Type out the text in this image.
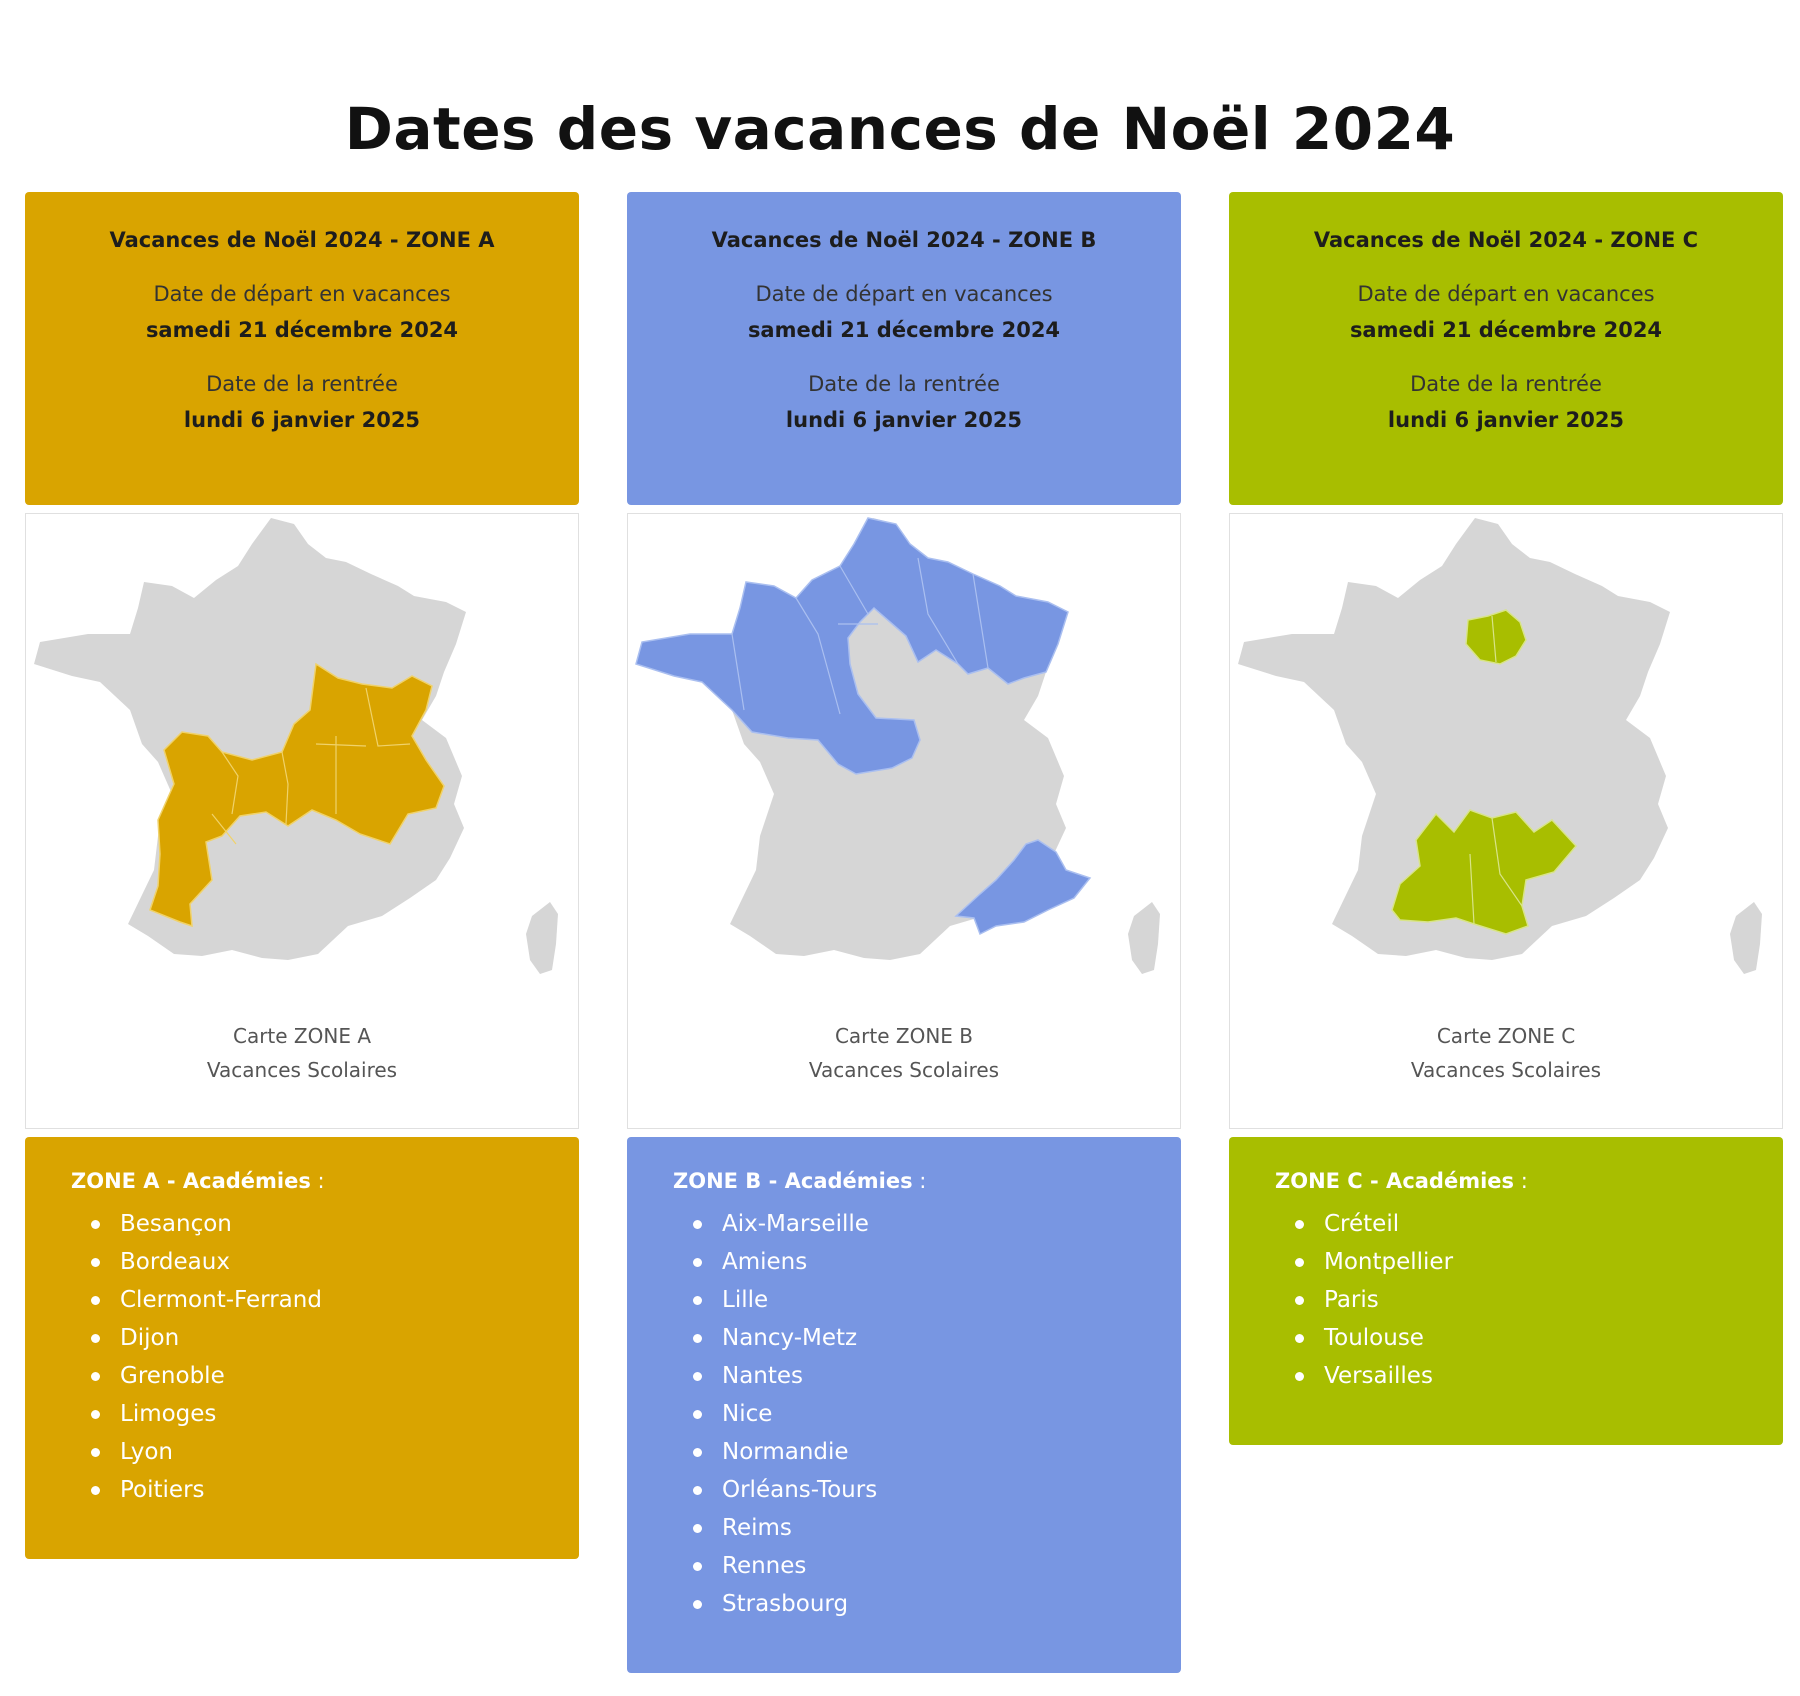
Dates des vacances de Noël 2024
Vacances de Noël 2024 - ZONE A
Date de départ en vacances
samedi 21 décembre 2024
Date de la rentrée
lundi 6 janvier 2025
Carte ZONE A
Vacances Scolaires
ZONE A - Académies :
Besançon
Bordeaux
Clermont-Ferrand
Dijon
Grenoble
Limoges
Lyon
Poitiers
Vacances de Noël 2024 - ZONE B
Date de départ en vacances
samedi 21 décembre 2024
Date de la rentrée
lundi 6 janvier 2025
Carte ZONE B
Vacances Scolaires
ZONE B - Académies :
Aix-Marseille
Amiens
Lille
Nancy-Metz
Nantes
Nice
Normandie
Orléans-Tours
Reims
Rennes
Strasbourg
Vacances de Noël 2024 - ZONE C
Date de départ en vacances
samedi 21 décembre 2024
Date de la rentrée
lundi 6 janvier 2025
Carte ZONE C
Vacances Scolaires
ZONE C - Académies :
Créteil
Montpellier
Paris
Toulouse
Versailles
